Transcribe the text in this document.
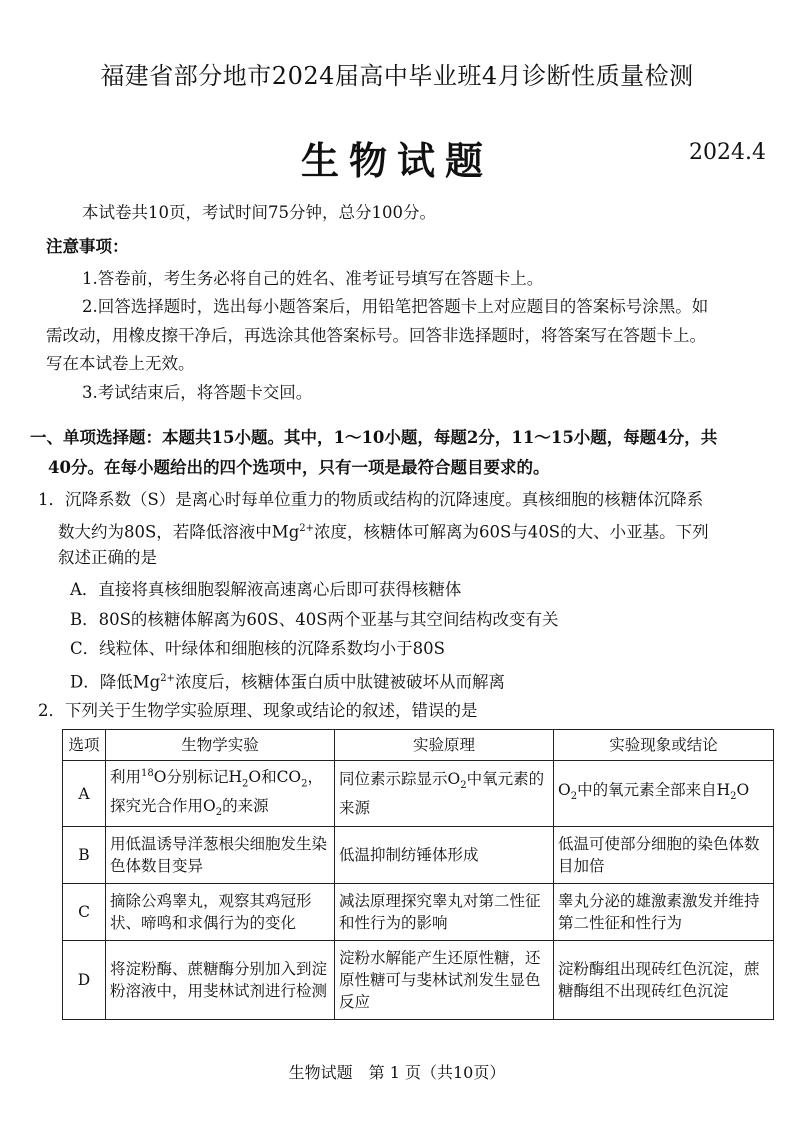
福建省部分地市2024届高中毕业班4月诊断性质量检测
生物试题	2024.4
本试卷共10页，考试时间75分钟，总分100分。
注意事项：
1.答卷前，考生务必将自己的姓名、准考证号填写在答题卡上。
2.回答选择题时，选出每小题答案后，用铅笔把答题卡上对应题目的答案标号涂黑。如
需改动，用橡皮擦干净后，再选涂其他答案标号。回答非选择题时，将答案写在答题卡上。
写在本试卷上无效。
3.考试结束后，将答题卡交回。
一、单项选择题：本题共15小题。其中，1～10小题，每题2分，11～15小题，每题4分，共
40分。在每小题给出的四个选项中，只有一项是最符合题目要求的。
1．沉降系数（S）是离心时每单位重力的物质或结构的沉降速度。真核细胞的核糖体沉降系
数大约为80S，若降低溶液中$Mg^{2+}$浓度，核糖体可解离为60S与40S的大、小亚基。下列
叙述正确的是
A．直接将真核细胞裂解液高速离心后即可获得核糖体
B．80S的核糖体解离为60S、40S两个亚基与其空间结构改变有关
C．线粒体、叶绿体和细胞核的沉降系数均小于80S
D．降低$Mg^{2+}$浓度后，核糖体蛋白质中肽键被破坏从而解离
2．下列关于生物学实验原理、现象或结论的叙述，错误的是
选项	生物学实验	实验原理	实验现象或结论
A	利用$^{18}$O分别标记$H_2O$和$CO_2$，探究光合作用$O_2$的来源	同位素示踪显示$O_2$中氧元素的来源	$O_2$中的氧元素全部来自$H_2O$
B	用低温诱导洋葱根尖细胞发生染色体数目变异	低温抑制纺锤体形成	低温可使部分细胞的染色体数目加倍
C	摘除公鸡睾丸，观察其鸡冠形状、啼鸣和求偶行为的变化	减法原理探究睾丸对第二性征和性行为的影响	睾丸分泌的雄激素激发并维持第二性征和性行为
D	将淀粉酶、蔗糖酶分别加入到淀粉溶液中，用斐林试剂进行检测	淀粉水解能产生还原性糖，还原性糖可与斐林试剂发生显色反应	淀粉酶组出现砖红色沉淀，蔗糖酶组不出现砖红色沉淀
生物试题　第 1 页（共10页）
